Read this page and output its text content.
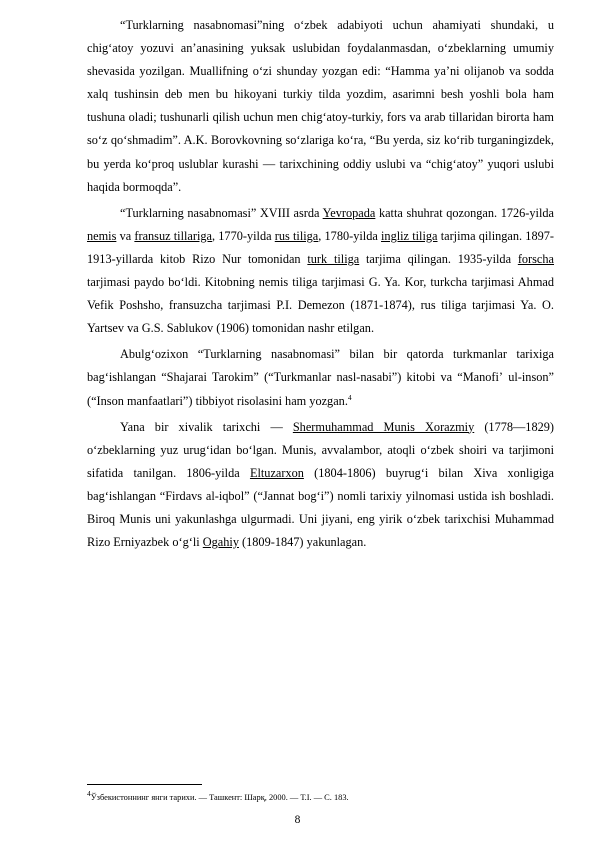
“Turklarning nasabnomasi”ning oʻzbek adabiyoti uchun ahamiyati shundaki, u chigʻatoy yozuvi anʼanasining yuksak uslubidan foydalanmasdan, oʻzbeklarning umumiy shevasida yozilgan. Muallifning oʻzi shunday yozgan edi: “Hamma yaʼni olijanob va sodda xalq tushinsin deb men bu hikoyani turkiy tilda yozdim, asarimni besh yoshli bola ham tushuna oladi; tushunarli qilish uchun men chigʻatoy-turkiy, fors va arab tillaridan birorta ham soʻz qoʻshmadim”. A.K. Borovkovning soʻzlariga koʻra, “Bu yerda, siz koʻrib turganingizdek, bu yerda koʻproq uslublar kurashi — tarixchining oddiy uslubi va “chigʻatoy” yuqori uslubi haqida bormoqda”.

“Turklarning nasabnomasi” XVIII asrda Yevropada katta shuhrat qozongan. 1726-yilda nemis va fransuz tillariga, 1770-yilda rus tiliga, 1780-yilda ingliz tiliga tarjima qilingan. 1897-1913-yillarda kitob Rizo Nur tomonidan turk tiliga tarjima qilingan. 1935-yilda forscha tarjimasi paydo boʻldi. Kitobning nemis tiliga tarjimasi G. Ya. Kor, turkcha tarjimasi Ahmad Vefik Poshsho, fransuzcha tarjimasi P.I. Demezon (1871-1874), rus tiliga tarjimasi Ya. O. Yartsev va G.S. Sablukov (1906) tomonidan nashr etilgan.

Abulgʻozixon “Turklarning nasabnomasi” bilan bir qatorda turkmanlar tarixiga bagʻishlangan “Shajarai Tarokim” (“Turkmanlar nasl-nasabi”) kitobi va “Manofiʼ ul-inson” (“Inson manfaatlari”) tibbiyot risolasini ham yozgan.$^4$

Yana bir xivalik tarixchi — Shermuhammad Munis Xorazmiy (1778—1829) oʻzbeklarning yuz urugʻidan boʻlgan. Munis, avvalambor, atoqli oʻzbek shoiri va tarjimoni sifatida tanilgan. 1806-yilda Eltuzarxon (1804-1806) buyrugʻi bilan Xiva xonligiga bagʻishlangan “Firdavs al-iqbol” (“Jannat bogʻi”) nomli tarixiy yilnomasi ustida ish boshladi. Biroq Munis uni yakunlashga ulgurmadi. Uni jiyani, eng yirik oʻzbek tarixchisi Muhammad Rizo Erniyazbek oʻgʻli Ogahiy (1809-1847) yakunlagan.

$^4$Ўзбекистоннинг янги тарихи. — Ташкент: Шарқ, 2000. — Т.I. — С. 183.
8
